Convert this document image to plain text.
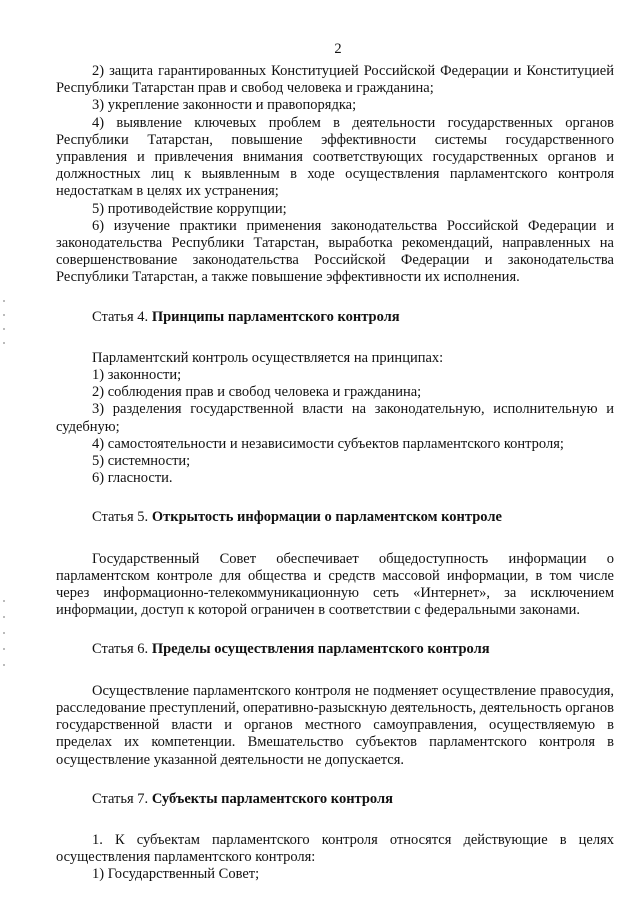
2

2) защита гарантированных Конституцией Российской Федерации и Конституцией Республики Татарстан прав и свобод человека и гражданина;

3) укрепление законности и правопорядка;

4) выявление ключевых проблем в деятельности государственных органов Республики Татарстан, повышение эффективности системы государственного управления и привлечения внимания соответствующих государственных органов и должностных лиц к выявленным в ходе осуществления парламентского контроля недостаткам в целях их устранения;

5) противодействие коррупции;

6) изучение практики применения законодательства Российской Федерации и законодательства Республики Татарстан, выработка рекомендаций, направленных на совершенствование законодательства Российской Федерации и законодательства Республики Татарстан, а также повышение эффективности их исполнения.

Статья 4. Принципы парламентского контроля

Парламентский контроль осуществляется на принципах:

1) законности;

2) соблюдения прав и свобод человека и гражданина;

3) разделения государственной власти на законодательную, исполнительную и судебную;

4) самостоятельности и независимости субъектов парламентского контроля;

5) системности;

6) гласности.

Статья 5. Открытость информации о парламентском контроле

Государственный Совет обеспечивает общедоступность информации о парламентском контроле для общества и средств массовой информации, в том числе через информационно-телекоммуникационную сеть «Интернет», за исключением информации, доступ к которой ограничен в соответствии с федеральными законами.

Статья 6. Пределы осуществления парламентского контроля

Осуществление парламентского контроля не подменяет осуществление правосудия, расследование преступлений, оперативно-разыскную деятельность, деятельность органов государственной власти и органов местного самоуправления, осуществляемую в пределах их компетенции. Вмешательство субъектов парламентского контроля в осуществление указанной деятельности не допускается.

Статья 7. Субъекты парламентского контроля

1. К субъектам парламентского контроля относятся действующие в целях осуществления парламентского контроля:

1) Государственный Совет;
